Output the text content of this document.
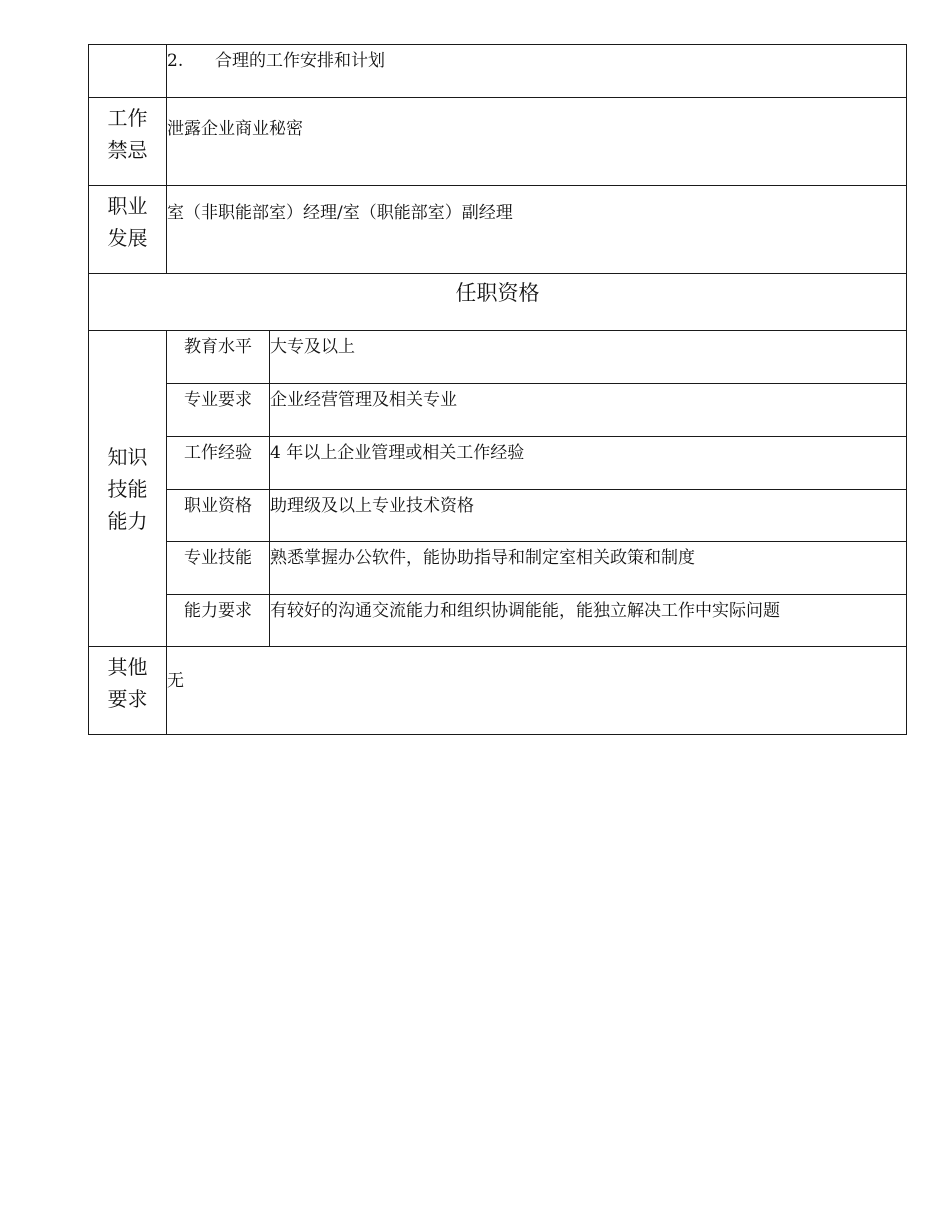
	2. 合理的工作安排和计划	

工作
禁忌	泄露企业商业秘密	

职业
发展	室（非职能部室）经理/室（职能部室）副经理	
任职资格		

知识
技能
能力	教育水平	大专及以上
	专业要求	企业经营管理及相关专业
	工作经验	4 年以上企业管理或相关工作经验
	职业资格	助理级及以上专业技术资格
	专业技能	熟悉掌握办公软件，能协助指导和制定室相关政策和制度
	能力要求	有较好的沟通交流能力和组织协调能能，能独立解决工作中实际问题

其他
要求	无	
